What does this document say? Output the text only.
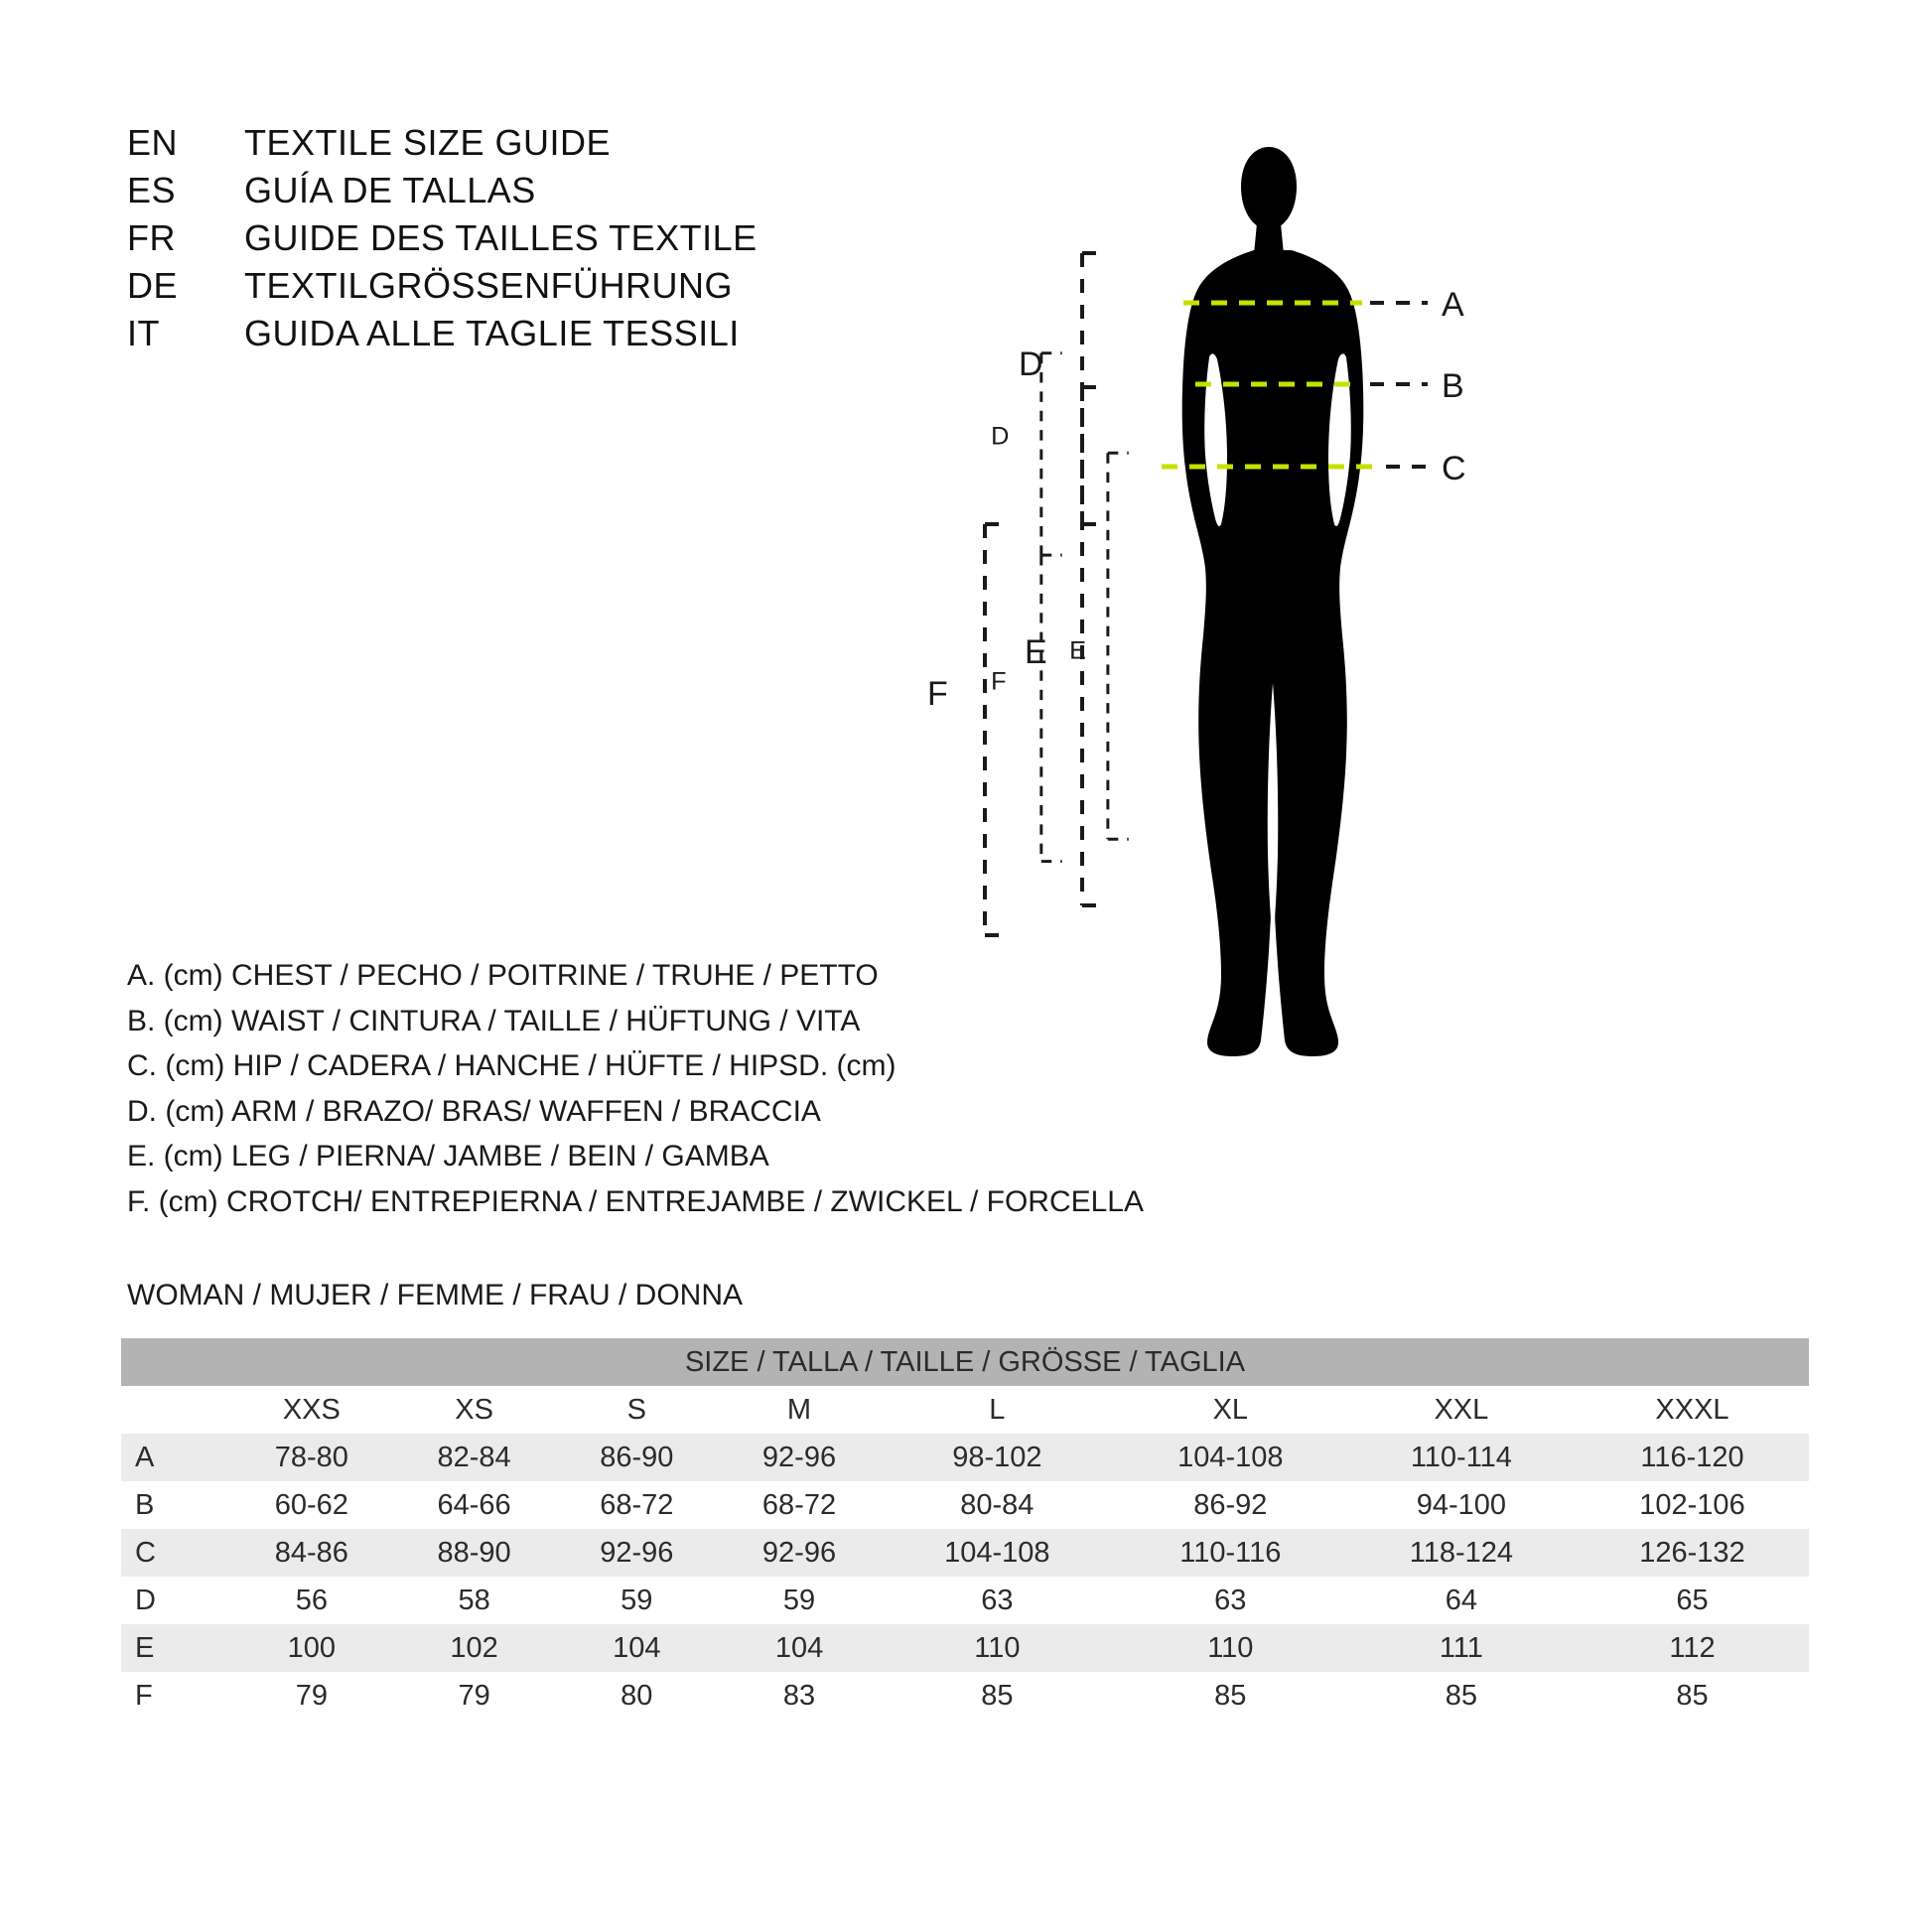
EN	TEXTILE SIZE GUIDE
ES	GUÍA DE TALLAS
FR	GUIDE DES TAILLES TEXTILE
DE	TEXTILGRÖSSENFÜHRUNG
IT	GUIDA ALLE TAGLIE TESSILI
A
B
C
D
E
F
D
E
F
A. (cm) CHEST / PECHO / POITRINE / TRUHE / PETTO
B. (cm) WAIST / CINTURA / TAILLE / HÜFTUNG / VITA
C. (cm) HIP / CADERA / HANCHE / HÜFTE / HIPSD. (cm)
D. (cm) ARM / BRAZO/ BRAS/ WAFFEN / BRACCIA
E. (cm) LEG / PIERNA/ JAMBE / BEIN / GAMBA
F. (cm) CROTCH/ ENTREPIERNA / ENTREJAMBE / ZWICKEL / FORCELLA
WOMAN / MUJER / FEMME / FRAU / DONNA
SIZE / TALLA / TAILLE / GRÖSSE / TAGLIA								
	XXS	XS	S	M	L	XL	XXL	XXXL
A	78-80	82-84	86-90	92-96	98-102	104-108	110-114	116-120
B	60-62	64-66	68-72	68-72	80-84	86-92	94-100	102-106
C	84-86	88-90	92-96	92-96	104-108	110-116	118-124	126-132
D	56	58	59	59	63	63	64	65
E	100	102	104	104	110	110	111	112
F	79	79	80	83	85	85	85	85
